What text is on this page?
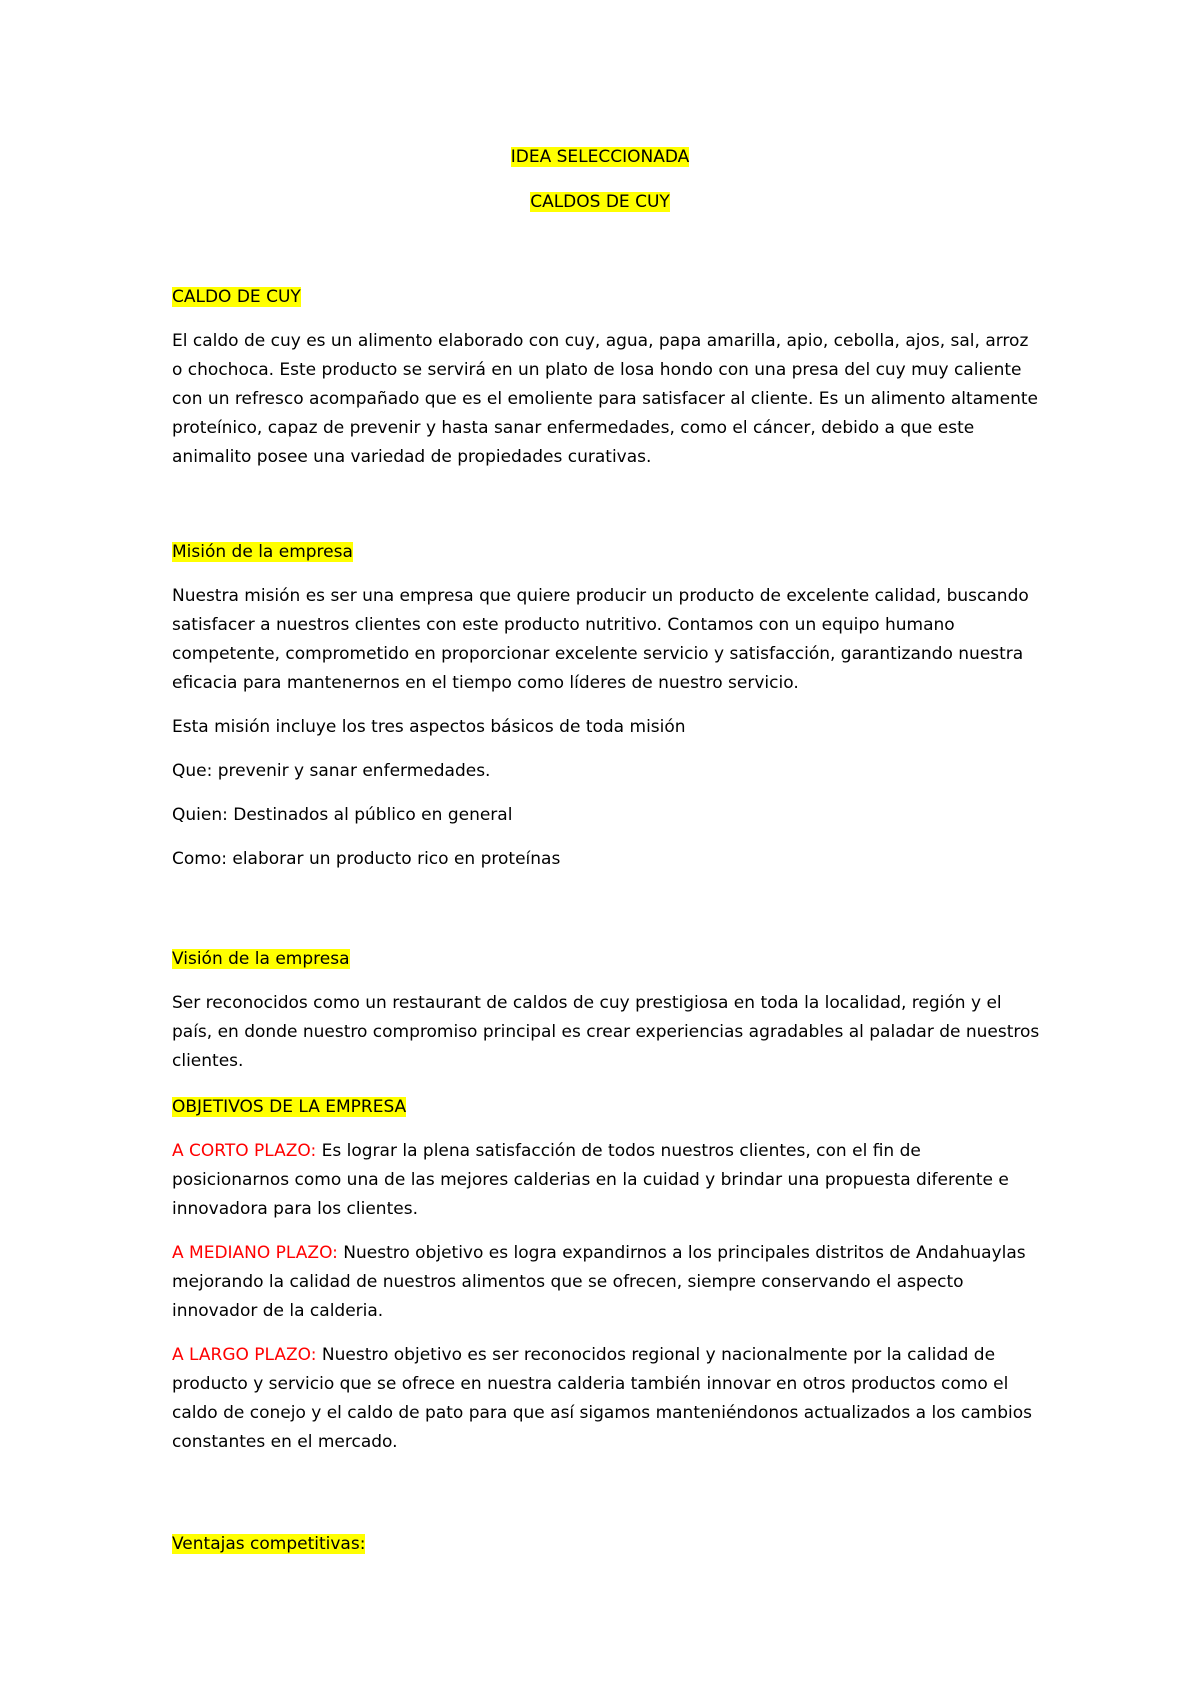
IDEA SELECCIONADA
CALDOS DE CUY

CALDO DE CUY

El caldo de cuy es un alimento elaborado con cuy, agua, papa amarilla, apio, cebolla, ajos, sal, arroz o chochoca. Este producto se servirá en un plato de losa hondo con una presa del cuy muy caliente con un refresco acompañado que es el emoliente para satisfacer al cliente. Es un alimento altamente proteínico, capaz de prevenir y hasta sanar enfermedades, como el cáncer, debido a que este animalito posee una variedad de propiedades curativas.

Misión de la empresa

Nuestra misión es ser una empresa que quiere producir un producto de excelente calidad, buscando satisfacer a nuestros clientes con este producto nutritivo. Contamos con un equipo humano competente, comprometido en proporcionar excelente servicio y satisfacción, garantizando nuestra eficacia para mantenernos en el tiempo como líderes de nuestro servicio.

Esta misión incluye los tres aspectos básicos de toda misión

Que: prevenir y sanar enfermedades.

Quien: Destinados al público en general

Como: elaborar un producto rico en proteínas

Visión de la empresa

Ser reconocidos como un restaurant de caldos de cuy prestigiosa en toda la localidad, región y el país, en donde nuestro compromiso principal es crear experiencias agradables al paladar de nuestros clientes.

OBJETIVOS DE LA EMPRESA

A CORTO PLAZO: Es lograr la plena satisfacción de todos nuestros clientes, con el fin de posicionarnos como una de las mejores calderias en la cuidad y brindar una propuesta diferente e innovadora para los clientes.

A MEDIANO PLAZO: Nuestro objetivo es logra expandirnos a los principales distritos de Andahuaylas mejorando la calidad de nuestros alimentos que se ofrecen, siempre conservando el aspecto innovador de la calderia.

A LARGO PLAZO: Nuestro objetivo es ser reconocidos regional y nacionalmente por la calidad de producto y servicio que se ofrece en nuestra calderia también innovar en otros productos como el caldo de conejo y el caldo de pato para que así sigamos manteniéndonos actualizados a los cambios constantes en el mercado.

Ventajas competitivas:
